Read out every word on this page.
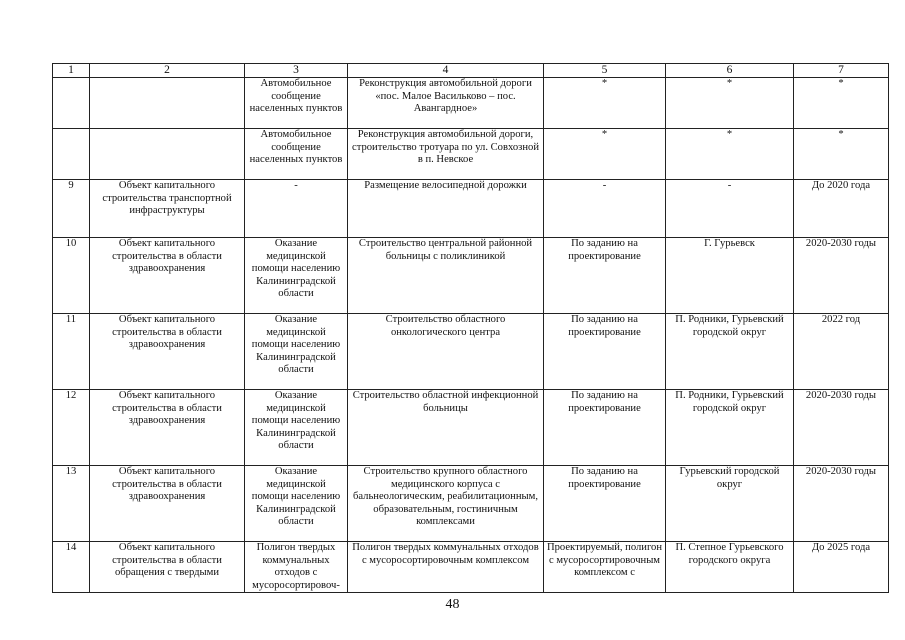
1	2	3	4	5	6	7
		Автомобильное сообщение населенных пунктов	Реконструкция автомобильной дороги «пос. Малое Васильково – пос. Авангардное»	*	*	*
		Автомобильное сообщение населенных пунктов	Реконструкция автомобильной дороги, строительство тротуара по ул. Совхозной в п. Невское	*	*	*
9	Объект капитального строительства транспортной инфраструктуры	-	Размещение велосипедной дорожки	-	-	До 2020 года
10	Объект капитального строительства в области здравоохранения	Оказание медицинской помощи населению Калининградской области	Строительство центральной районной больницы с поликлиникой	По заданию на проектирование	Г. Гурьевск	2020-2030 годы
11	Объект капитального строительства в области здравоохранения	Оказание медицинской помощи населению Калининградской области	Строительство областного онкологического центра	По заданию на проектирование	П. Родники, Гурьевский городской округ	2022 год
12	Объект капитального строительства в области здравоохранения	Оказание медицинской помощи населению Калининградской области	Строительство областной инфекционной больницы	По заданию на проектирование	П. Родники, Гурьевский городской округ	2020-2030 годы
13	Объект капитального строительства в области здравоохранения	Оказание медицинской помощи населению Калининградской области	Строительство крупного областного медицинского корпуса с бальнеологическим, реабилитационным, образовательным, гостиничным комплексами	По заданию на проектирование	Гурьевский городской округ	2020-2030 годы
14	Объект капитального строительства в области обращения с твердыми	Полигон твердых коммунальных отходов с мусоросортировоч-	Полигон твердых коммунальных отходов с мусоросортировочным комплексом	Проектируемый, полигон с мусоросортировочным комплексом с	П. Степное Гурьевского городского округа	До 2025 года
48
